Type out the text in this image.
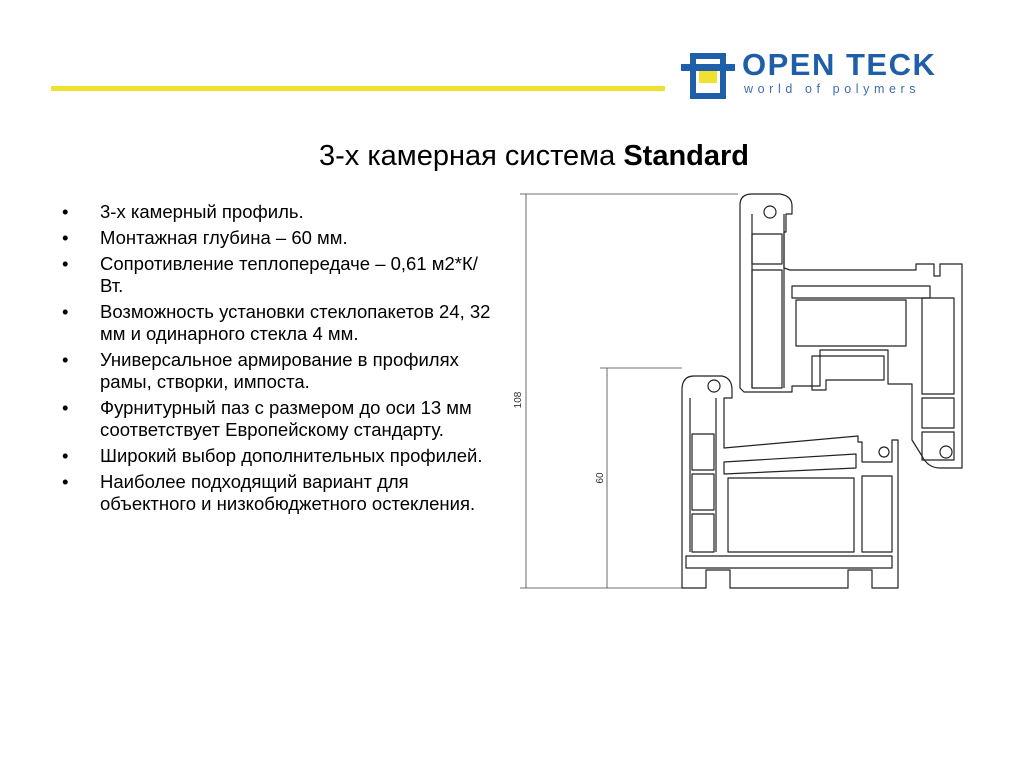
OPEN TECK
world of polymers
3-х камерная система Standard
• 3-х камерный профиль.
• Монтажная глубина – 60 мм.
• Сопротивление теплопередаче – 0,61 м2*К/Вт.
• Возможность установки стеклопакетов 24, 32 мм и одинарного стекла 4 мм.
• Универсальное армирование в профилях рамы, створки, импоста.
• Фурнитурный паз с размером до оси 13 мм соответствует Европейскому стандарту.
• Широкий выбор дополнительных профилей.
• Наиболее подходящий вариант для объектного и низкобюджетного остекления.
108
60
